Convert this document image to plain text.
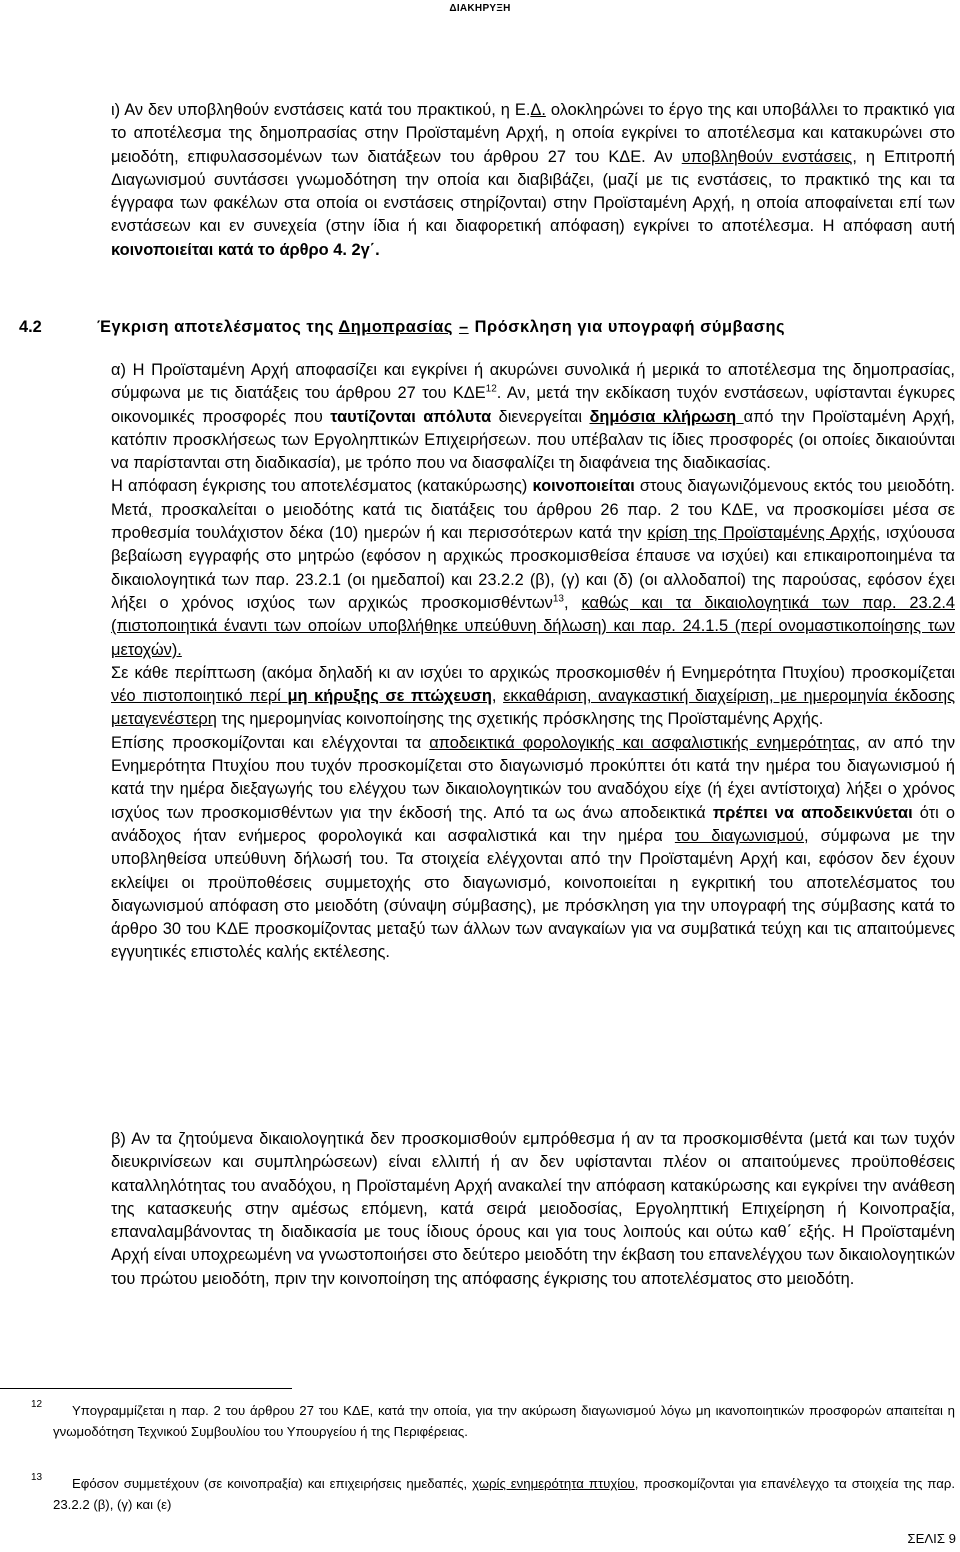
ΔΙΑΚΗΡΥΞΗ
ι) Αν δεν υποβληθούν ενστάσεις κατά του πρακτικού, η Ε.Δ. ολοκληρώνει το έργο της και υποβάλλει το πρακτικό για το αποτέλεσμα της δημοπρασίας στην Προϊσταμένη Αρχή, η οποία εγκρίνει το αποτέλεσμα και κατακυρώνει στο μειοδότη, επιφυλασσομένων των διατάξεων του άρθρου 27 του ΚΔΕ. Αν υποβληθούν ενστάσεις, η Επιτροπή Διαγωνισμού συντάσσει γνωμοδότηση την οποία και διαβιβάζει, (μαζί με τις ενστάσεις, το πρακτικό της και τα έγγραφα των φακέλων στα οποία οι ενστάσεις στηρίζονται) στην Προϊσταμένη Αρχή, η οποία αποφαίνεται επί των ενστάσεων και εν συνεχεία (στην ίδια ή και διαφορετική απόφαση) εγκρίνει το αποτέλεσμα. Η απόφαση αυτή κοινοποιείται κατά το άρθρο 4. 2γ΄.
4.2	Έγκριση αποτελέσματος της Δημοπρασίας – Πρόσκληση για υπογραφή σύμβασης

α) Η Προϊσταμένη Αρχή αποφασίζει και εγκρίνει ή ακυρώνει συνολικά ή μερικά το αποτέλεσμα της δημοπρασίας, σύμφωνα με τις διατάξεις του άρθρου 27 του ΚΔΕ$^{12}$. Αν, μετά την εκδίκαση τυχόν ενστάσεων, υφίστανται έγκυρες οικονομικές προσφορές που ταυτίζονται απόλυτα διενεργείται δημόσια κλήρωση από την Προϊσταμένη Αρχή, κατόπιν προσκλήσεως των Εργοληπτικών Επιχειρήσεων. που υπέβαλαν τις ίδιες προσφορές (οι οποίες δικαιούνται να παρίστανται στη διαδικασία), με τρόπο που να διασφαλίζει τη διαφάνεια της διαδικασίας.

Η απόφαση έγκρισης του αποτελέσματος (κατακύρωσης) κοινοποιείται στους διαγωνιζόμενους εκτός του μειοδότη. Μετά, προσκαλείται ο μειοδότης κατά τις διατάξεις του άρθρου 26 παρ. 2 του ΚΔΕ, να προσκομίσει μέσα σε προθεσμία τουλάχιστον δέκα (10) ημερών ή και περισσότερων κατά την κρίση της Προϊσταμένης Αρχής, ισχύουσα βεβαίωση εγγραφής στο μητρώο (εφόσον η αρχικώς προσκομισθείσα έπαυσε να ισχύει) και επικαιροποιημένα τα δικαιολογητικά των παρ. 23.2.1 (οι ημεδαποί) και 23.2.2 (β), (γ) και (δ) (οι αλλοδαποί) της παρούσας, εφόσον έχει λήξει ο χρόνος ισχύος των αρχικώς προσκομισθέντων$^{13}$, καθώς και τα δικαιολογητικά των παρ. 23.2.4 (πιστοποιητικά έναντι των οποίων υποβλήθηκε υπεύθυνη δήλωση) και παρ. 24.1.5 (περί ονομαστικοποίησης των μετοχών).

Σε κάθε περίπτωση (ακόμα δηλαδή κι αν ισχύει το αρχικώς προσκομισθέν ή Ενημερότητα Πτυχίου) προσκομίζεται νέο πιστοποιητικό περί μη κήρυξης σε πτώχευση, εκκαθάριση, αναγκαστική διαχείριση, με ημερομηνία έκδοσης μεταγενέστερη της ημερομηνίας κοινοποίησης της σχετικής πρόσκλησης της Προϊσταμένης Αρχής.

Επίσης προσκομίζονται και ελέγχονται τα αποδεικτικά φορολογικής και ασφαλιστικής ενημερότητας, αν από την Ενημερότητα Πτυχίου που τυχόν προσκομίζεται στο διαγωνισμό προκύπτει ότι κατά την ημέρα του διαγωνισμού ή κατά την ημέρα διεξαγωγής του ελέγχου των δικαιολογητικών του αναδόχου είχε (ή έχει αντίστοιχα) λήξει ο χρόνος ισχύος των προσκομισθέντων για την έκδοσή της. Από τα ως άνω αποδεικτικά πρέπει να αποδεικνύεται ότι ο ανάδοχος ήταν ενήμερος φορολογικά και ασφαλιστικά και την ημέρα του διαγωνισμού, σύμφωνα με την υποβληθείσα υπεύθυνη δήλωσή του. Τα στοιχεία ελέγχονται από την Προϊσταμένη Αρχή και, εφόσον δεν έχουν εκλείψει οι προϋποθέσεις συμμετοχής στο διαγωνισμό, κοινοποιείται η εγκριτική του αποτελέσματος του διαγωνισμού απόφαση στο μειοδότη (σύναψη σύμβασης), με πρόσκληση για την υπογραφή της σύμβασης κατά το άρθρο 30 του ΚΔΕ προσκομίζοντας μεταξύ των άλλων των αναγκαίων για να συμβατικά τεύχη και τις απαιτούμενες εγγυητικές επιστολές καλής εκτέλεσης.

β) Αν τα ζητούμενα δικαιολογητικά δεν προσκομισθούν εμπρόθεσμα ή αν τα προσκομισθέντα (μετά και των τυχόν διευκρινίσεων και συμπληρώσεων) είναι ελλιπή ή αν δεν υφίστανται πλέον οι απαιτούμενες προϋποθέσεις καταλληλότητας του αναδόχου, η Προϊσταμένη Αρχή ανακαλεί την απόφαση κατακύρωσης και εγκρίνει την ανάθεση της κατασκευής στην αμέσως επόμενη, κατά σειρά μειοδοσίας, Εργοληπτική Επιχείρηση ή Κοινοπραξία, επαναλαμβάνοντας τη διαδικασία με τους ίδιους όρους και για τους λοιπούς και ούτω καθ΄ εξής. Η Προϊσταμένη Αρχή είναι υποχρεωμένη να γνωστοποιήσει στο δεύτερο μειοδότη την έκβαση του επανελέγχου των δικαιολογητικών του πρώτου μειοδότη, πριν την κοινοποίηση της απόφασης έγκρισης του αποτελέσματος στο μειοδότη.
12	Υπογραμμίζεται η παρ. 2 του άρθρου 27 του ΚΔΕ, κατά την οποία, για την ακύρωση διαγωνισμού λόγω μη ικανοποιητικών προσφορών απαιτείται η γνωμοδότηση Τεχνικού Συμβουλίου του Υπουργείου ή της Περιφέρειας.

13	Εφόσον συμμετέχουν (σε κοινοπραξία) και επιχειρήσεις ημεδαπές, χωρίς ενημερότητα πτυχίου, προσκομίζονται για επανέλεγχο τα στοιχεία της παρ. 23.2.2 (β), (γ) και (ε)

ΣΕΛΙΣ 9
